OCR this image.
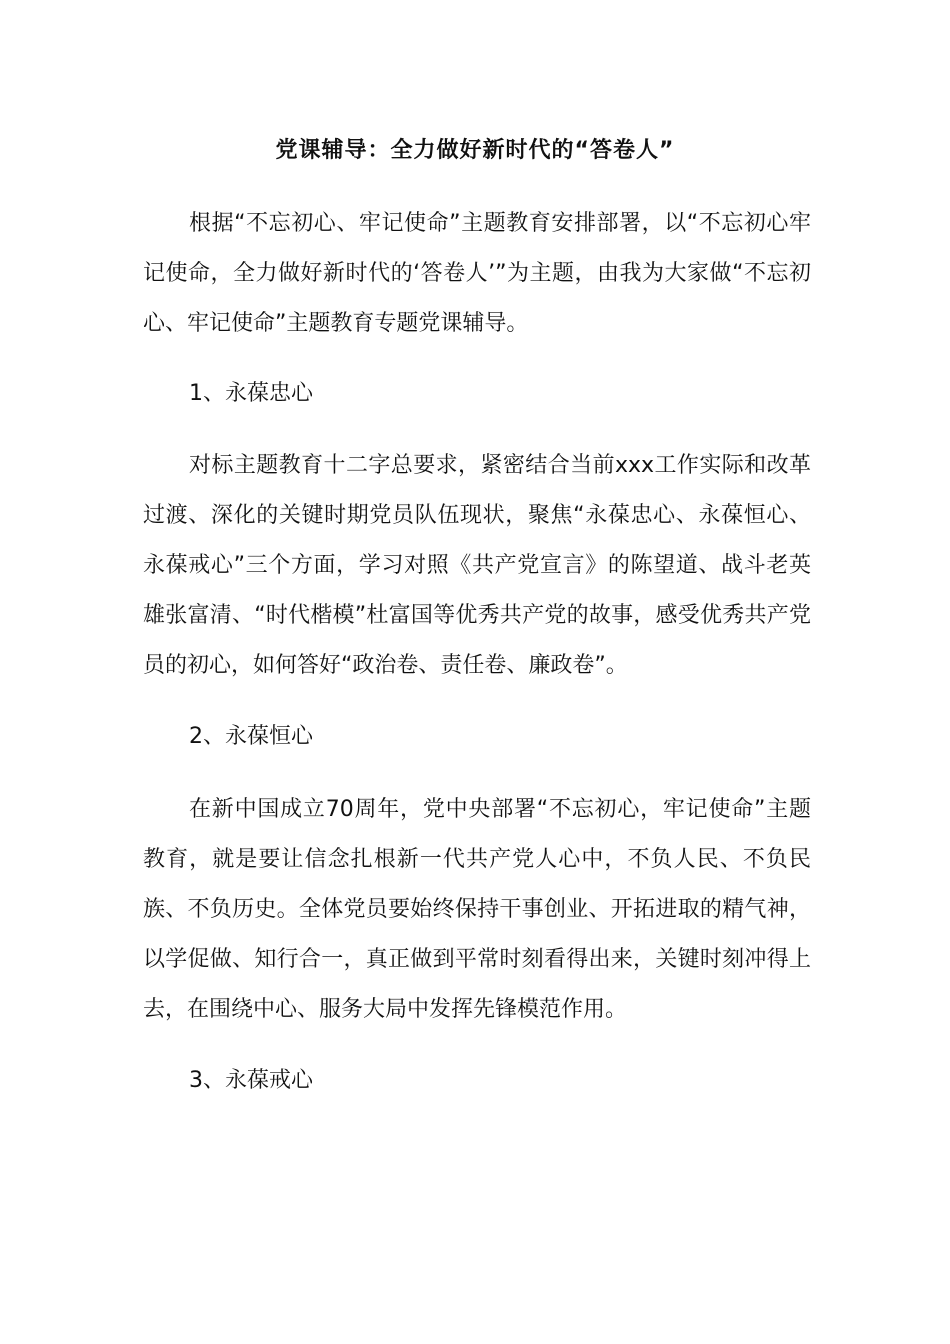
党课辅导：全力做好新时代的“答卷人”
根据“不忘初心、牢记使命”主题教育安排部署，以“不忘初心牢记使命，全力做好新时代的‘答卷人’”为主题，由我为大家做“不忘初心、牢记使命”主题教育专题党课辅导。
1、永葆忠心
对标主题教育十二字总要求，紧密结合当前xxx工作实际和改革过渡、深化的关键时期党员队伍现状，聚焦“永葆忠心、永葆恒心、永葆戒心”三个方面，学习对照《共产党宣言》的陈望道、战斗老英雄张富清、“时代楷模”杜富国等优秀共产党的故事，感受优秀共产党员的初心，如何答好“政治卷、责任卷、廉政卷”。
2、永葆恒心
在新中国成立70周年，党中央部署“不忘初心，牢记使命”主题教育，就是要让信念扎根新一代共产党人心中，不负人民、不负民族、不负历史。全体党员要始终保持干事创业、开拓进取的精气神，以学促做、知行合一，真正做到平常时刻看得出来，关键时刻冲得上去，在围绕中心、服务大局中发挥先锋模范作用。
3、永葆戒心
